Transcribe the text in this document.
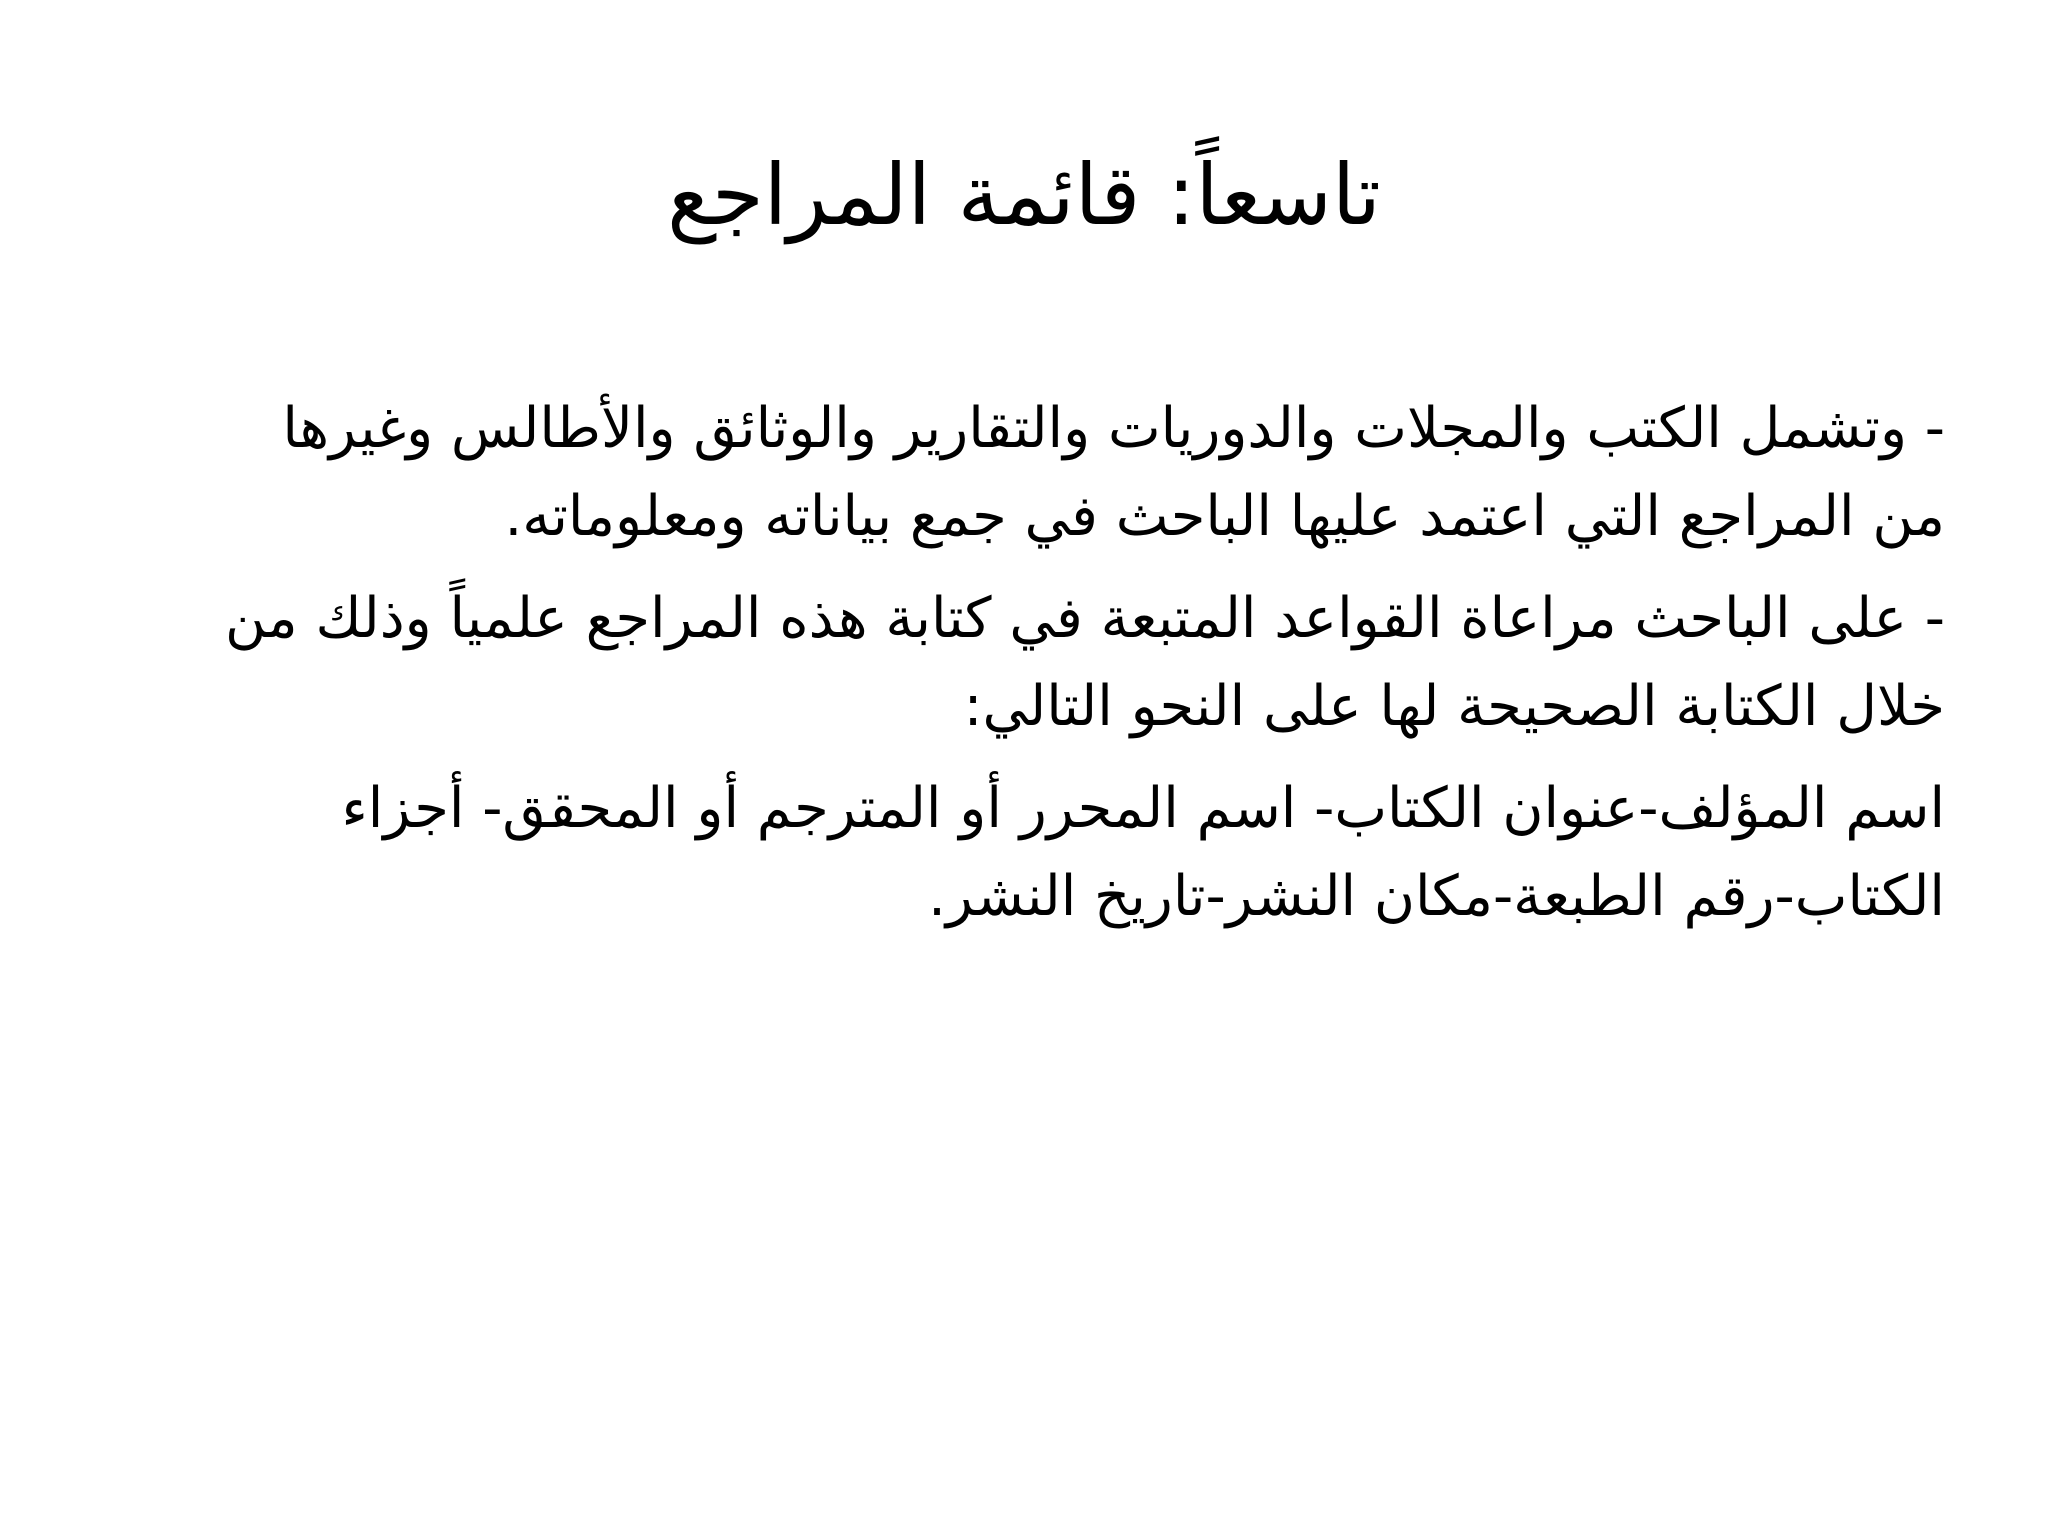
تاسعاً: قائمة المراجع

- وتشمل الكتب والمجلات والدوريات والتقارير والوثائق والأطالس وغيرها من المراجع التي اعتمد عليها الباحث في جمع بياناته ومعلوماته.

- على الباحث مراعاة القواعد المتبعة في كتابة هذه المراجع علمياً وذلك من خلال الكتابة الصحيحة لها على النحو التالي:

اسم المؤلف-عنوان الكتاب- اسم المحرر أو المترجم أو المحقق- أجزاء الكتاب-رقم الطبعة-مكان النشر-تاريخ النشر.
